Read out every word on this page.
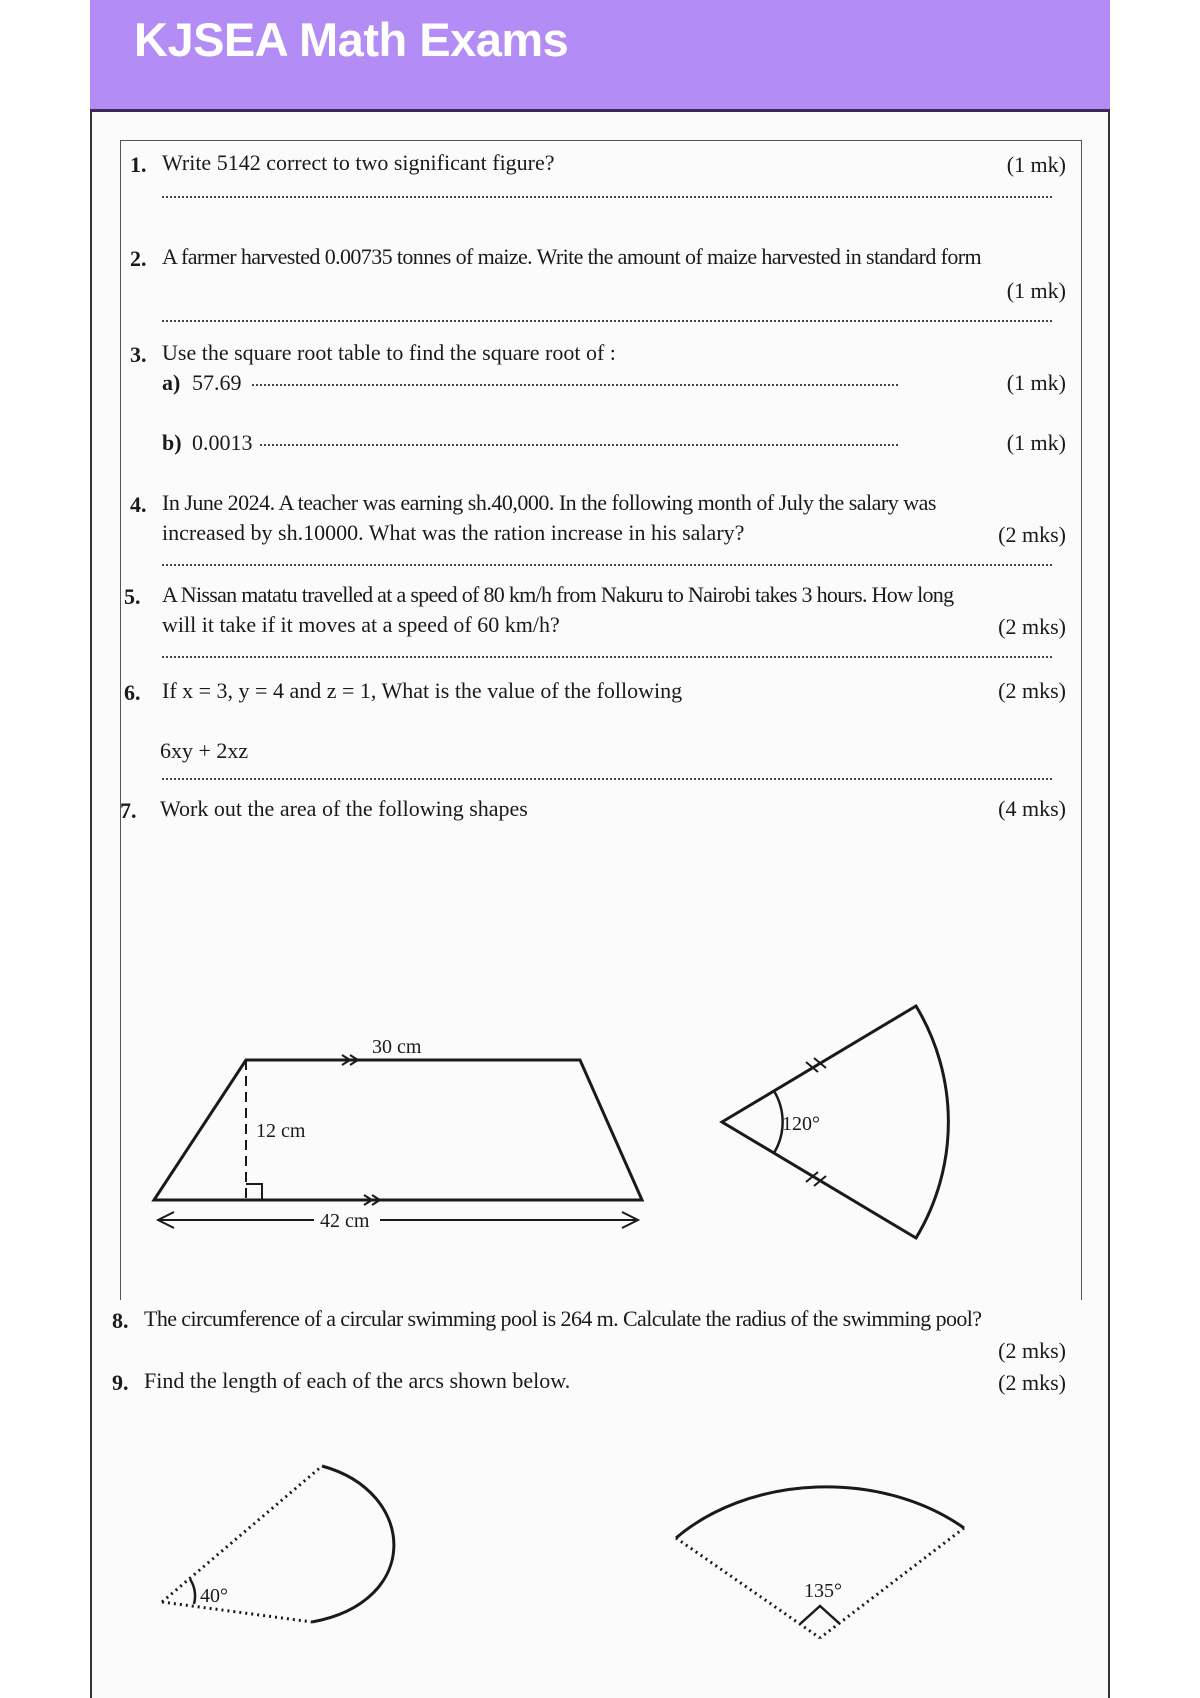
KJSEA Math Exams
1. Write 5142 correct to two significant figure?	(1 mk)
2. A farmer harvested 0.00735 tonnes of maize. Write the amount of maize harvested in standard form
(1 mk)
3. Use the square root table to find the square root of :
a) 57.69	(1 mk)
b) 0.0013	(1 mk)
4. In June 2024. A teacher was earning sh.40,000. In the following month of July the salary was
increased by sh.10000. What was the ration increase in his salary?	(2 mks)
5. A Nissan matatu travelled at a speed of 80 km/h from Nakuru to Nairobi takes 3 hours. How long
will it take if it moves at a speed of 60 km/h?	(2 mks)
6. If x = 3, y = 4 and z = 1, What is the value of the following	(2 mks)
6xy + 2xz
7. Work out the area of the following shapes	(4 mks)
30 cm
12 cm
42 cm
120°
8. The circumference of a circular swimming pool is 264 m. Calculate the radius of the swimming pool?
(2 mks)
9. Find the length of each of the arcs shown below.	(2 mks)
40°	135°
